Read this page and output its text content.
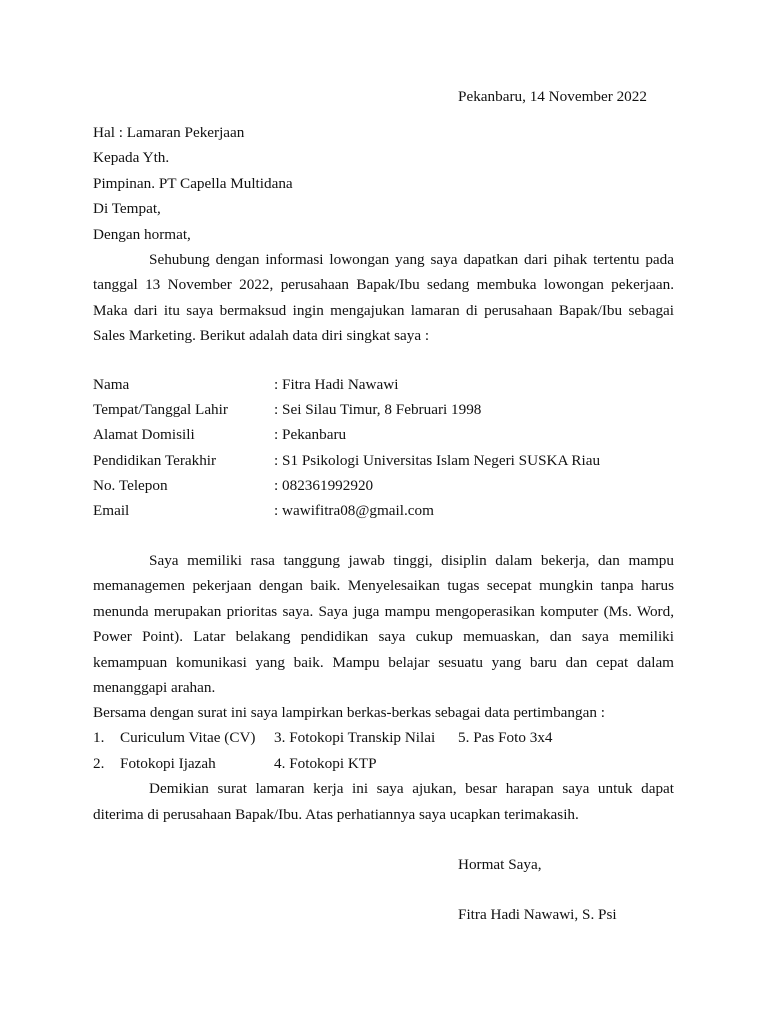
Pekanbaru, 14 November 2022
Hal : Lamaran Pekerjaan
Kepada Yth.
Pimpinan. PT Capella Multidana
Di Tempat,
Dengan hormat,
Sehubung dengan informasi lowongan yang saya dapatkan dari pihak tertentu pada
tanggal 13 November 2022, perusahaan Bapak/Ibu sedang membuka lowongan pekerjaan.
Maka dari itu saya bermaksud ingin mengajukan lamaran di perusahaan Bapak/Ibu sebagai
Sales Marketing. Berikut adalah data diri singkat saya :
Nama	: Fitra Hadi Nawawi
Tempat/Tanggal Lahir	: Sei Silau Timur, 8 Februari 1998
Alamat Domisili	: Pekanbaru
Pendidikan Terakhir	: S1 Psikologi Universitas Islam Negeri SUSKA Riau
No. Telepon	: 082361992920
Email	: wawifitra08@gmail.com
Saya memiliki rasa tanggung jawab tinggi, disiplin dalam bekerja, dan mampu
memanagemen pekerjaan dengan baik. Menyelesaikan tugas secepat mungkin tanpa harus
menunda merupakan prioritas saya. Saya juga mampu mengoperasikan komputer (Ms. Word,
Power Point). Latar belakang pendidikan saya cukup memuaskan, dan saya memiliki
kemampuan komunikasi yang baik. Mampu belajar sesuatu yang baru dan cepat dalam
menanggapi arahan.
Bersama dengan surat ini saya lampirkan berkas-berkas sebagai data pertimbangan :
1. Curiculum Vitae (CV) 3. Fotokopi Transkip Nilai 5. Pas Foto 3x4
2. Fotokopi Ijazah	4. Fotokopi KTP
Demikian surat lamaran kerja ini saya ajukan, besar harapan saya untuk dapat
diterima di perusahaan Bapak/Ibu. Atas perhatiannya saya ucapkan terimakasih.
Hormat Saya,
Fitra Hadi Nawawi, S. Psi
